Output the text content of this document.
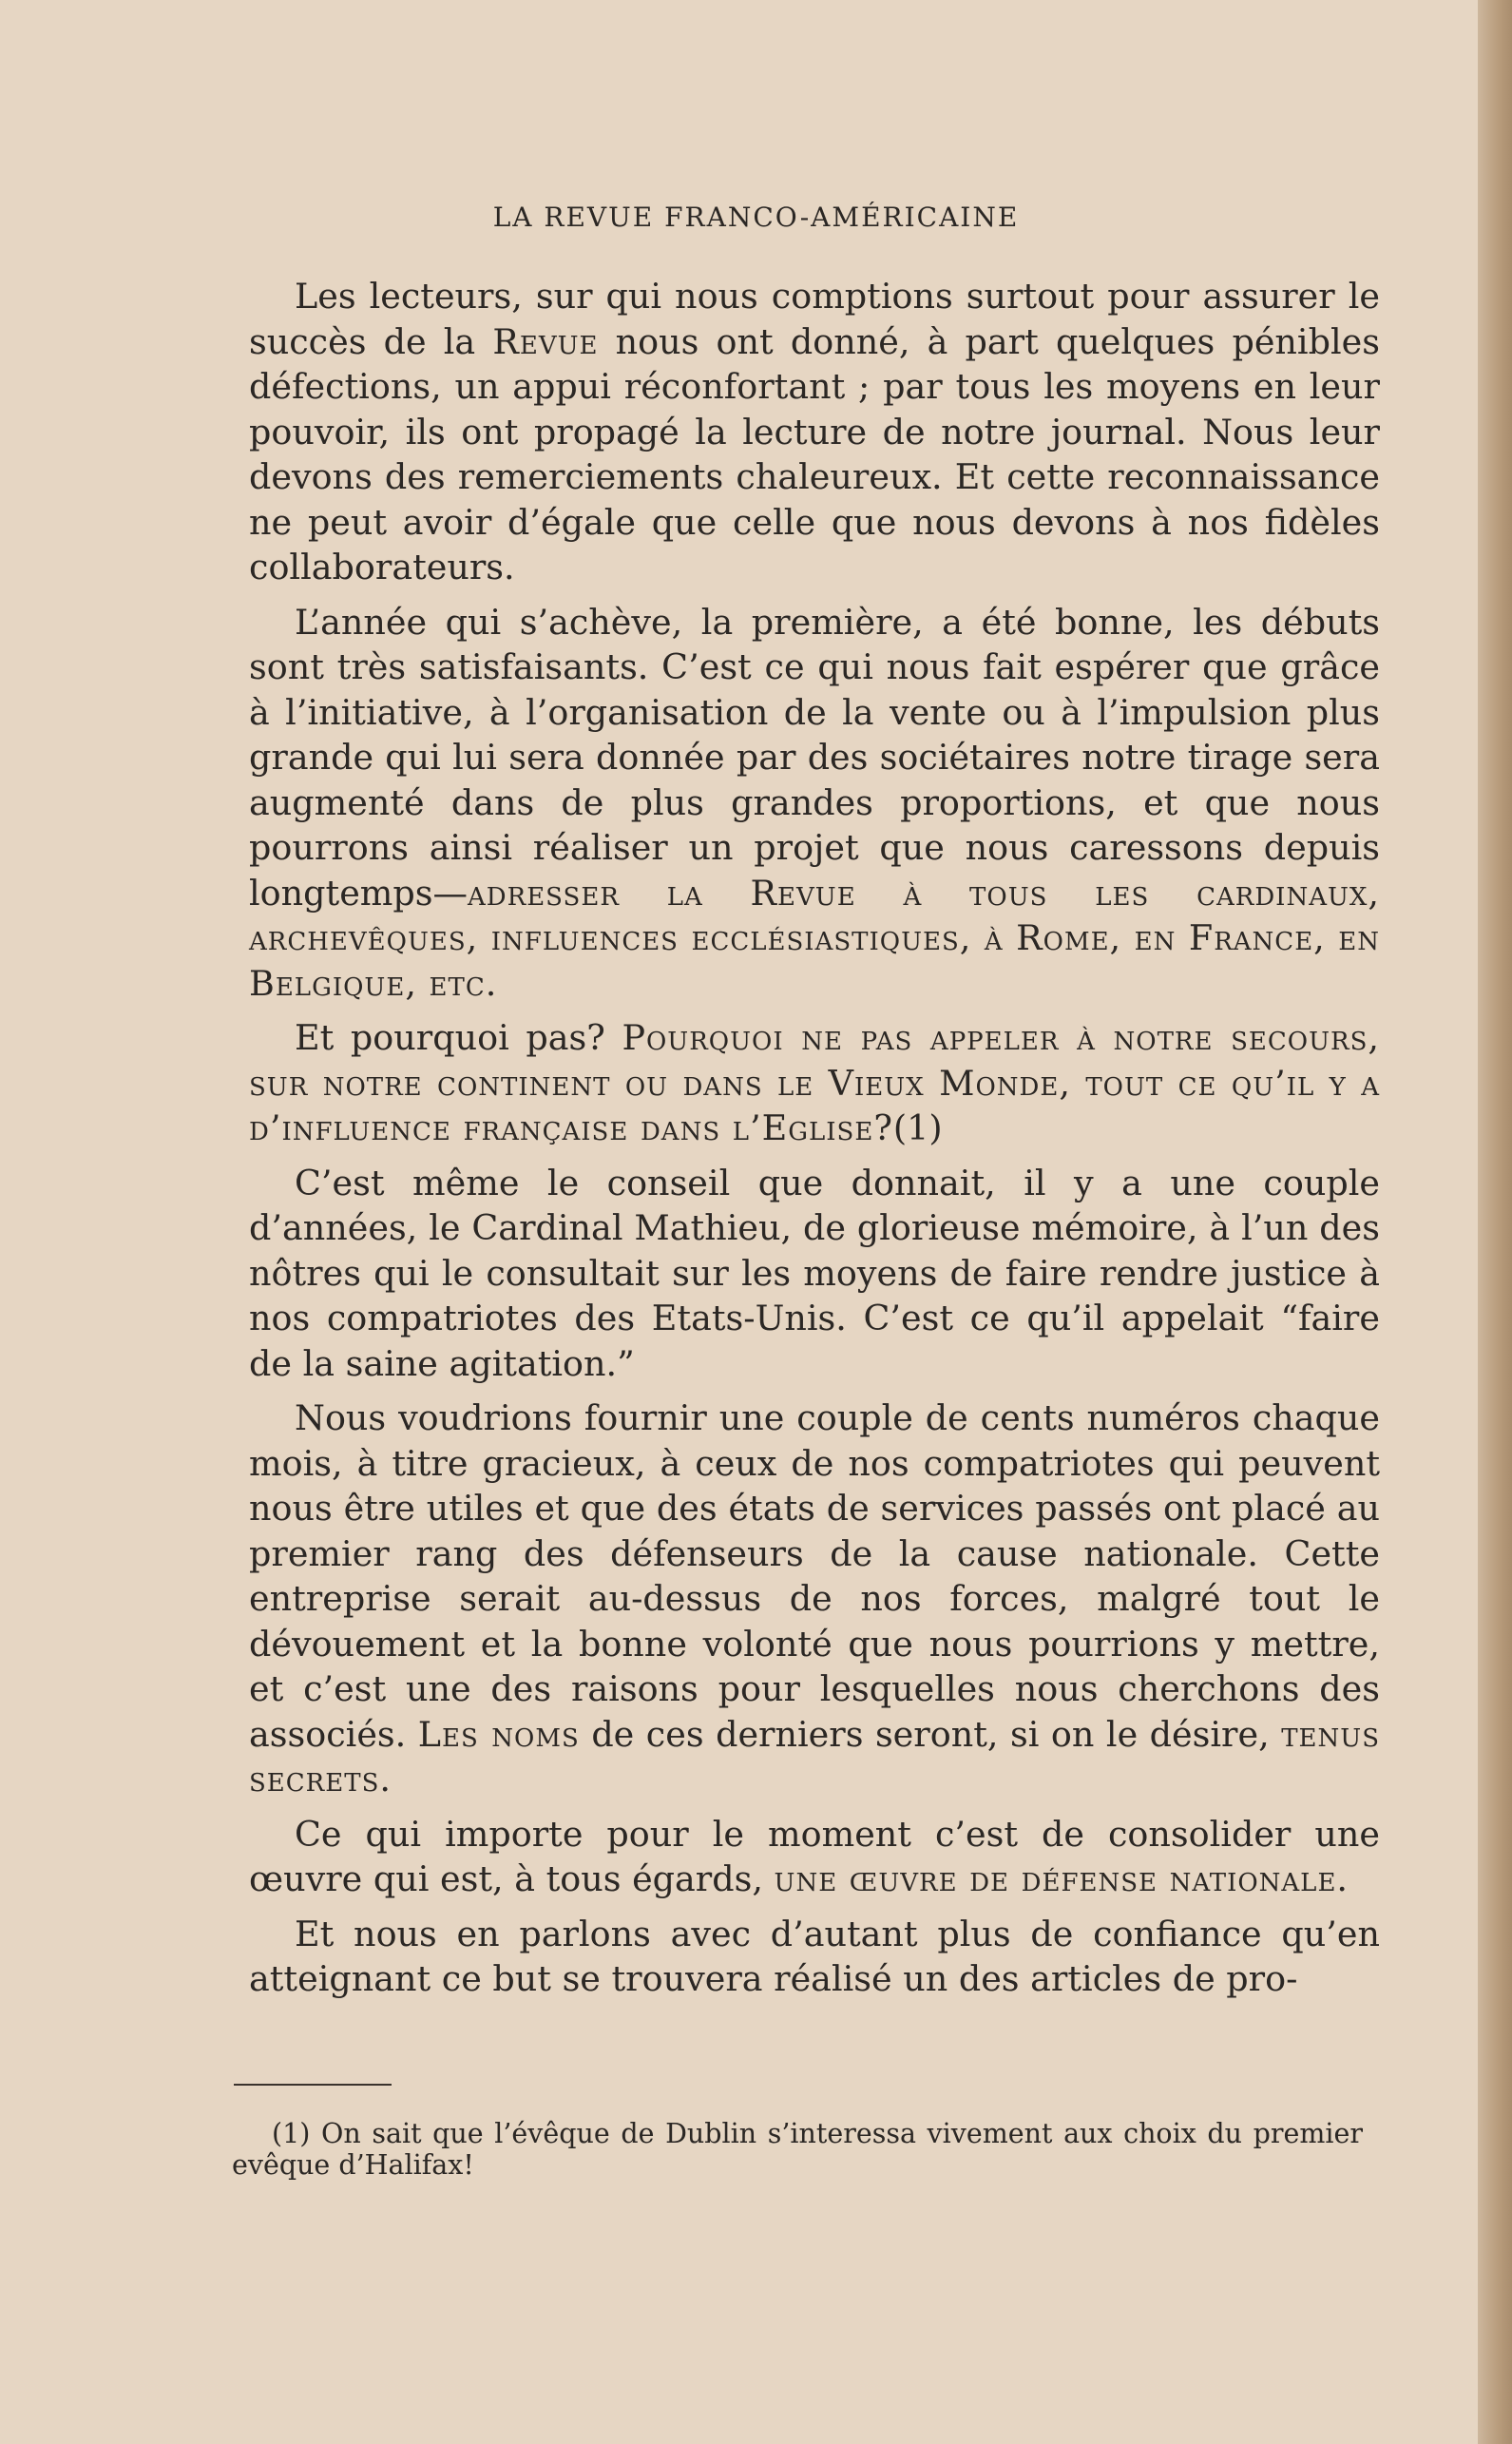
LA REVUE FRANCO-AMÉRICAINE

Les lecteurs, sur qui nous comptions surtout pour assurer le succès de la Revue nous ont donné, à part quelques pénibles défections, un appui réconfortant ; par tous les moyens en leur pouvoir, ils ont propagé la lecture de notre journal. Nous leur devons des remerciements chaleureux. Et cette reconnaissance ne peut avoir d’égale que celle que nous devons à nos fidèles collaborateurs.

L’année qui s’achève, la première, a été bonne, les débuts sont très satisfaisants. C’est ce qui nous fait espérer que grâce à l’initiative, à l’organisation de la vente ou à l’impulsion plus grande qui lui sera donnée par des sociétaires notre tirage sera augmenté dans de plus grandes proportions, et que nous pourrons ainsi réaliser un projet que nous caressons depuis longtemps—adresser la Revue à tous les cardinaux, archevêques, influences ecclésiastiques, à Rome, en France, en Belgique, etc.

Et pourquoi pas? Pourquoi ne pas appeler à notre secours, sur notre continent ou dans le Vieux Monde, tout ce qu’il y a d’influence française dans l’Eglise?(1)

C’est même le conseil que donnait, il y a une couple d’années, le Cardinal Mathieu, de glorieuse mémoire, à l’un des nôtres qui le consultait sur les moyens de faire rendre justice à nos compatriotes des Etats-Unis. C’est ce qu’il appelait “faire de la saine agitation.”

Nous voudrions fournir une couple de cents numéros chaque mois, à titre gracieux, à ceux de nos compatriotes qui peuvent nous être utiles et que des états de services passés ont placé au premier rang des défenseurs de la cause nationale. Cette entreprise serait au-dessus de nos forces, malgré tout le dévouement et la bonne volonté que nous pourrions y mettre, et c’est une des raisons pour lesquelles nous cherchons des associés. Les noms de ces derniers seront, si on le désire, tenus secrets.

Ce qui importe pour le moment c’est de consolider une œuvre qui est, à tous égards, une œuvre de défense nationale.

Et nous en parlons avec d’autant plus de confiance qu’en atteignant ce but se trouvera réalisé un des articles de pro-

(1) On sait que l’évêque de Dublin s’interessa vivement aux choix du premier evêque d’Halifax!
